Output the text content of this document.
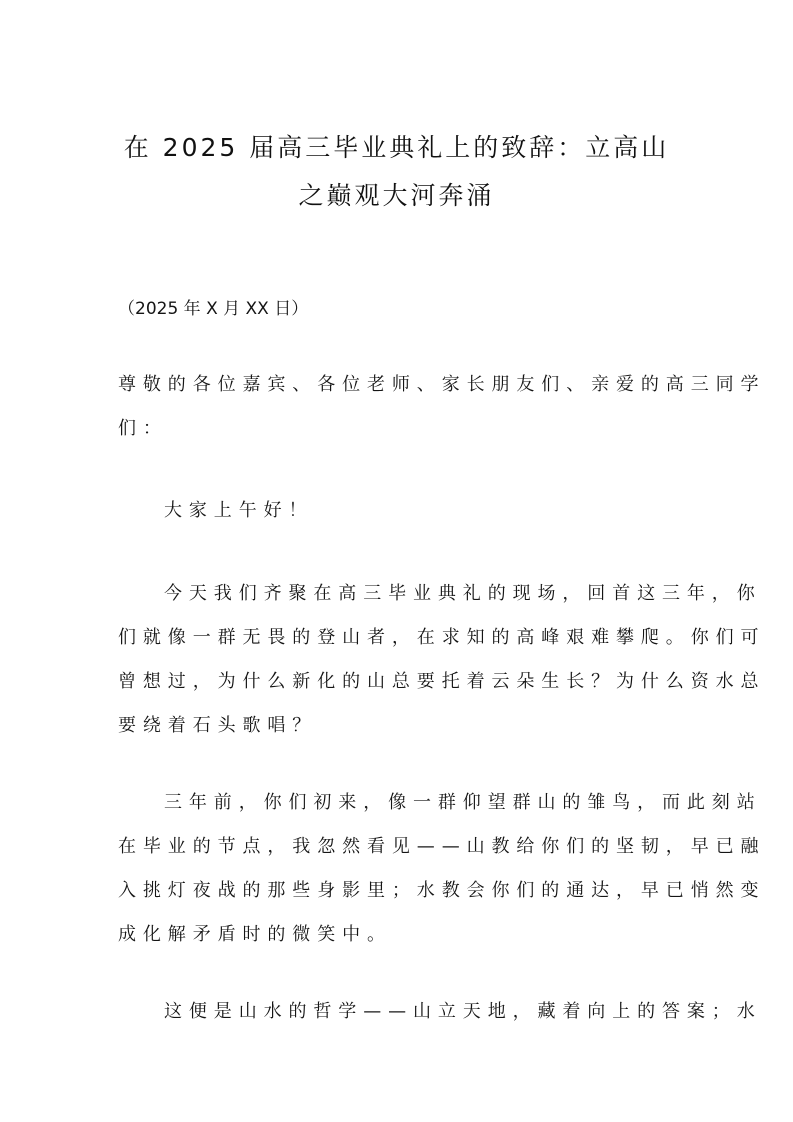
在 2025 届高三毕业典礼上的致辞：立高山
之巅观大河奔涌
（2025 年 X 月 XX 日）
尊敬的各位嘉宾、各位老师、家长朋友们、亲爱的高三同学
们：
大家上午好！
今天我们齐聚在高三毕业典礼的现场，回首这三年，你
们就像一群无畏的登山者，在求知的高峰艰难攀爬。你们可
曾想过，为什么新化的山总要托着云朵生长？为什么资水总
要绕着石头歌唱？
三年前，你们初来，像一群仰望群山的雏鸟，而此刻站
在毕业的节点，我忽然看见——山教给你们的坚韧，早已融
入挑灯夜战的那些身影里；水教会你们的通达，早已悄然变
成化解矛盾时的微笑中。
这便是山水的哲学——山立天地，藏着向上的答案；水
